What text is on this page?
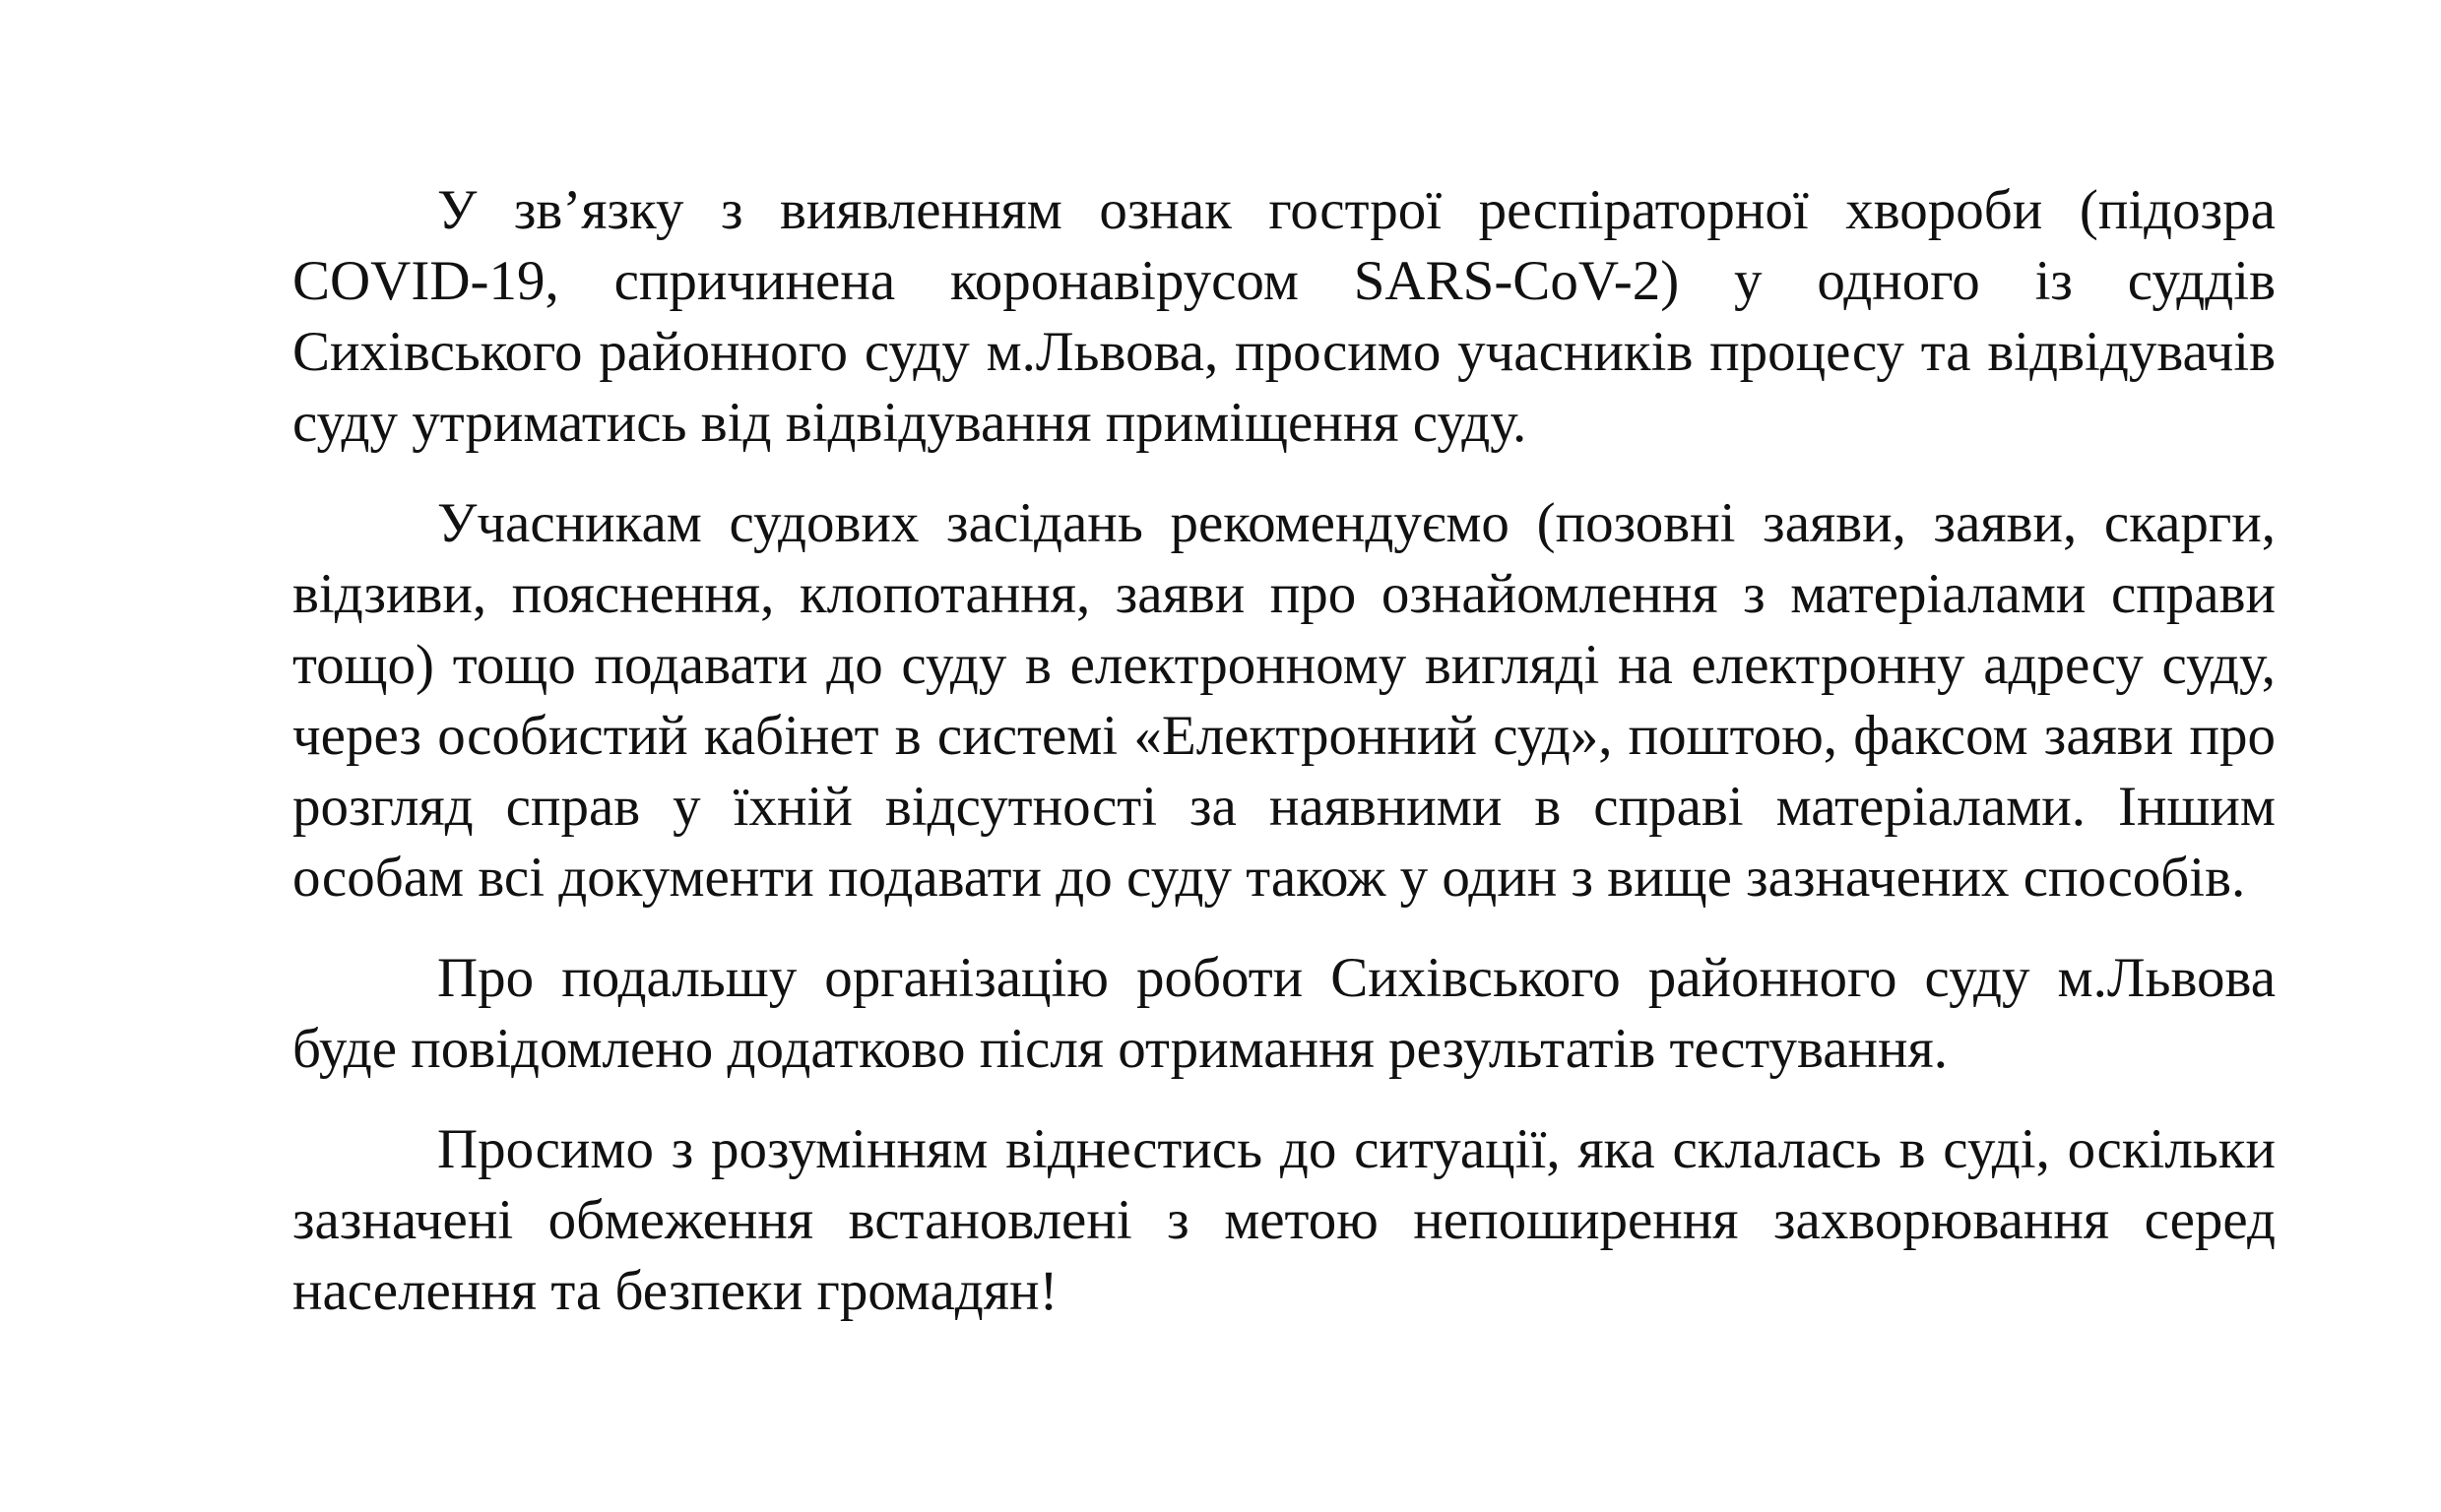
У зв’язку з виявленням ознак гострої респіраторної хвороби (підозра COVID-19, спричинена коронавірусом SARS-CoV-2) у одного із суддів Сихівського районного суду м.Львова, просимо учасників процесу та відвідувачів суду утриматись від відвідування приміщення суду.

Учасникам судових засідань рекомендуємо (позовні заяви, заяви, скарги, відзиви, пояснення, клопотання, заяви про ознайомлення з матеріалами справи тощо) тощо подавати до суду в електронному вигляді на електронну адресу суду, через особистий кабінет в системі «Електронний суд», поштою, факсом заяви про розгляд справ у їхній відсутності за наявними в справі матеріалами. Іншим особам всі документи подавати до суду також у один з вище зазначених способів.

Про подальшу організацію роботи Сихівського районного суду м.Львова буде повідомлено додатково після отримання результатів тестування.

Просимо з розумінням віднестись до ситуації, яка склалась в суді, оскільки зазначені обмеження встановлені з метою непоширення захворювання серед населення та безпеки громадян!
